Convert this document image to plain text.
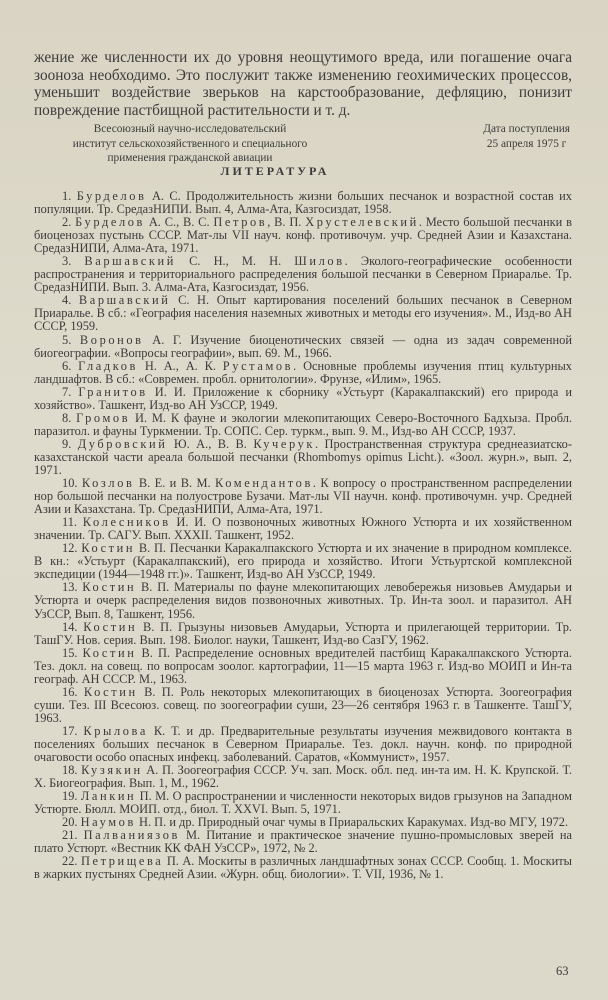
жение же численности их до уровня неощутимого вреда, или погашение очага зооноза необходимо. Это послужит также изменению геохимических процессов, уменьшит воздействие зверьков на карстообразование, дефляцию, понизит повреждение пастбищной растительности и т. д.

Всесоюзный научно-исследовательский
институт сельскохозяйственного и специального
применения гражданской авиации
Дата поступления
25 апреля 1975 г
ЛИТЕРАТУРА

1. Бурделов А. С. Продолжительность жизни больших песчанок и возрастной состав их популяции. Тр. СредазНИПИ. Вып. 4, Алма-Ата, Казгосиздат, 1958.

2. Бурделов А. С., В. С. Петров, В. П. Хрустелевский. Место большой песчанки в биоценозах пустынь СССР. Мат-лы VII науч. конф. противочум. учр. Средней Азии и Казахстана. СредазНИПИ, Алма-Ата, 1971.

3. Варшавский С. Н., М. Н. Шилов. Эколого-географические особенности распространения и территориального распределения большой песчанки в Северном Приаралье. Тр. СредазНИПИ. Вып. 3. Алма-Ата, Казгосиздат, 1956.

4. Варшавский С. Н. Опыт картирования поселений больших песчанок в Северном Приаралье. В сб.: «География населения наземных животных и методы его изучения». М., Изд-во АН СССР, 1959.

5. Воронов А. Г. Изучение биоценотических связей — одна из задач современной биогеографии. «Вопросы географии», вып. 69. М., 1966.

6. Гладков Н. А., А. К. Рустамов. Основные проблемы изучения птиц культурных ландшафтов. В сб.: «Современ. пробл. орнитологии». Фрунзе, «Илим», 1965.

7. Гранитов И. И. Приложение к сборнику «Устьурт (Каракалпакский) его природа и хозяйство». Ташкент, Изд-во АН УзССР, 1949.

8. Громов И. М. К фауне и экологии млекопитающих Северо-Восточного Бадхыза. Пробл. паразитол. и фауны Туркмении. Тр. СОПС. Сер. туркм., вып. 9. М., Изд-во АН СССР, 1937.

9. Дубровский Ю. А., В. В. Кучерук. Пространственная структура среднеазиатско-казахстанской части ареала большой песчанки (Rhombomys opimus Licht.). «Зоол. журн.», вып. 2, 1971.

10. Козлов В. Е. и В. М. Комендантов. К вопросу о пространственном распределении нор большой песчанки на полуострове Бузачи. Мат-лы VII научн. конф. противочумн. учр. Средней Азии и Казахстана. Тр. СредазНИПИ, Алма-Ата, 1971.

11. Колесников И. И. О позвоночных животных Южного Устюрта и их хозяйственном значении. Тр. САГУ. Вып. XXXII. Ташкент, 1952.

12. Костин В. П. Песчанки Каракалпакского Устюрта и их значение в природном комплексе. В кн.: «Устьурт (Каракалпакский), его природа и хозяйство. Итоги Устьуртской комплексной экспедиции (1944—1948 гг.)». Ташкент, Изд-во АН УзССР, 1949.

13. Костин В. П. Материалы по фауне млекопитающих левобережья низовьев Амударьи и Устюрта и очерк распределения видов позвоночных животных. Тр. Ин-та зоол. и паразитол. АН УзССР, Вып. 8, Ташкент, 1956.

14. Костин В. П. Грызуны низовьев Амударьи, Устюрта и прилегающей территории. Тр. ТашГУ. Нов. серия. Вып. 198. Биолог. науки, Ташкент, Изд-во СазГУ, 1962.

15. Костин В. П. Распределение основных вредителей пастбищ Каракалпакского Устюрта. Тез. докл. на совещ. по вопросам зоолог. картографии, 11—15 марта 1963 г. Изд-во МОИП и Ин-та географ. АН СССР. М., 1963.

16. Костин В. П. Роль некоторых млекопитающих в биоценозах Устюрта. Зоогеография суши. Тез. III Всесоюз. совещ. по зоогеографии суши, 23—26 сентября 1963 г. в Ташкенте. ТашГУ, 1963.

17. Крылова К. Т. и др. Предварительные результаты изучения межвидового контакта в поселениях больших песчанок в Северном Приаралье. Тез. докл. научн. конф. по природной очаговости особо опасных инфекц. заболеваний. Саратов, «Коммунист», 1957.

18. Кузякин А. П. Зоогеография СССР. Уч. зап. Моск. обл. пед. ин-та им. Н. К. Крупской. Т. X. Биогеография. Вып. 1, М., 1962.

19. Ланкин П. М. О распространении и численности некоторых видов грызунов на Западном Устюрте. Бюлл. МОИП. отд., биол. Т. XXVI. Вып. 5, 1971.

20. Наумов Н. П. и др. Природный очаг чумы в Приаральских Каракумах. Изд-во МГУ, 1972.

21. Палваниязов М. Питание и практическое значение пушно-промысловых зверей на плато Устюрт. «Вестник КК ФАН УзССР», 1972, № 2.

22. Петрищева П. А. Москиты в различных ландшафтных зонах СССР. Сообщ. 1. Москиты в жарких пустынях Средней Азии. «Журн. общ. биологии». Т. VII, 1936, № 1.

63
